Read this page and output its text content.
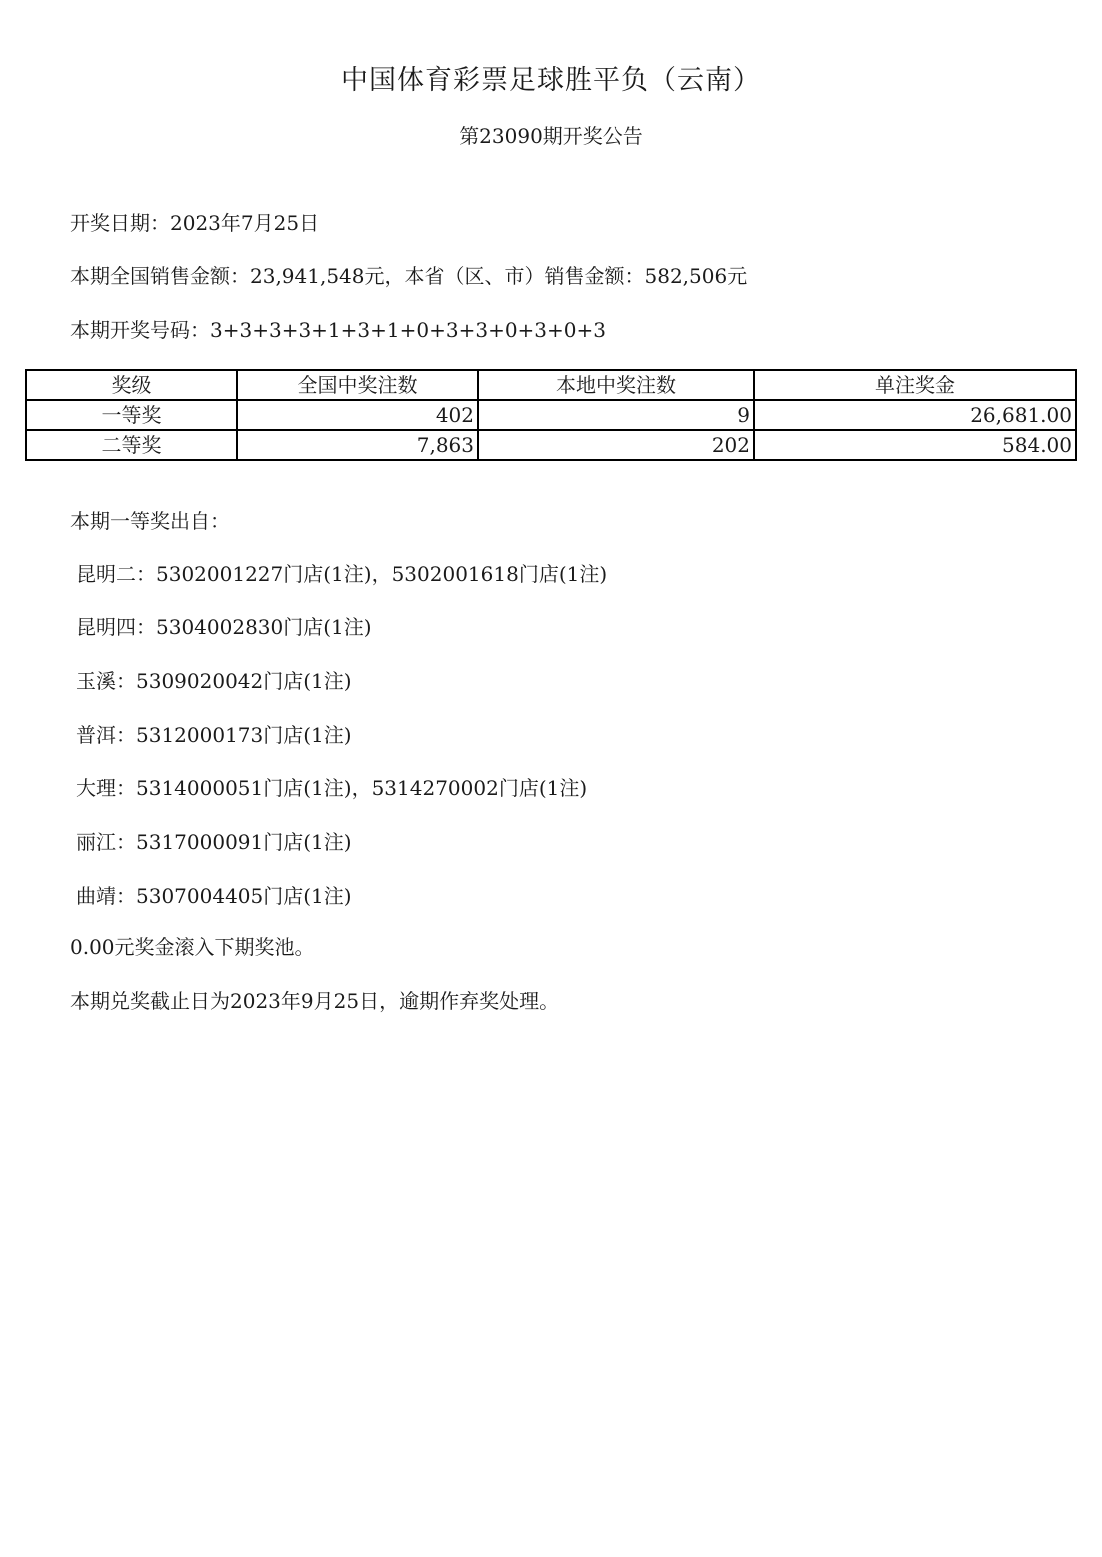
中国体育彩票足球胜平负（云南）
第23090期开奖公告
开奖日期：2023年7月25日
本期全国销售金额：23,941,548元，本省（区、市）销售金额：582,506元
本期开奖号码：3+3+3+3+1+3+1+0+3+3+0+3+0+3
奖级	全国中奖注数	本地中奖注数	单注奖金
一等奖	402	9	26,681.00
二等奖	7,863	202	584.00
本期一等奖出自：
昆明二：5302001227门店(1注)，5302001618门店(1注)
昆明四：5304002830门店(1注)
玉溪：5309020042门店(1注)
普洱：5312000173门店(1注)
大理：5314000051门店(1注)，5314270002门店(1注)
丽江：5317000091门店(1注)
曲靖：5307004405门店(1注)
0.00元奖金滚入下期奖池。
本期兑奖截止日为2023年9月25日，逾期作弃奖处理。
